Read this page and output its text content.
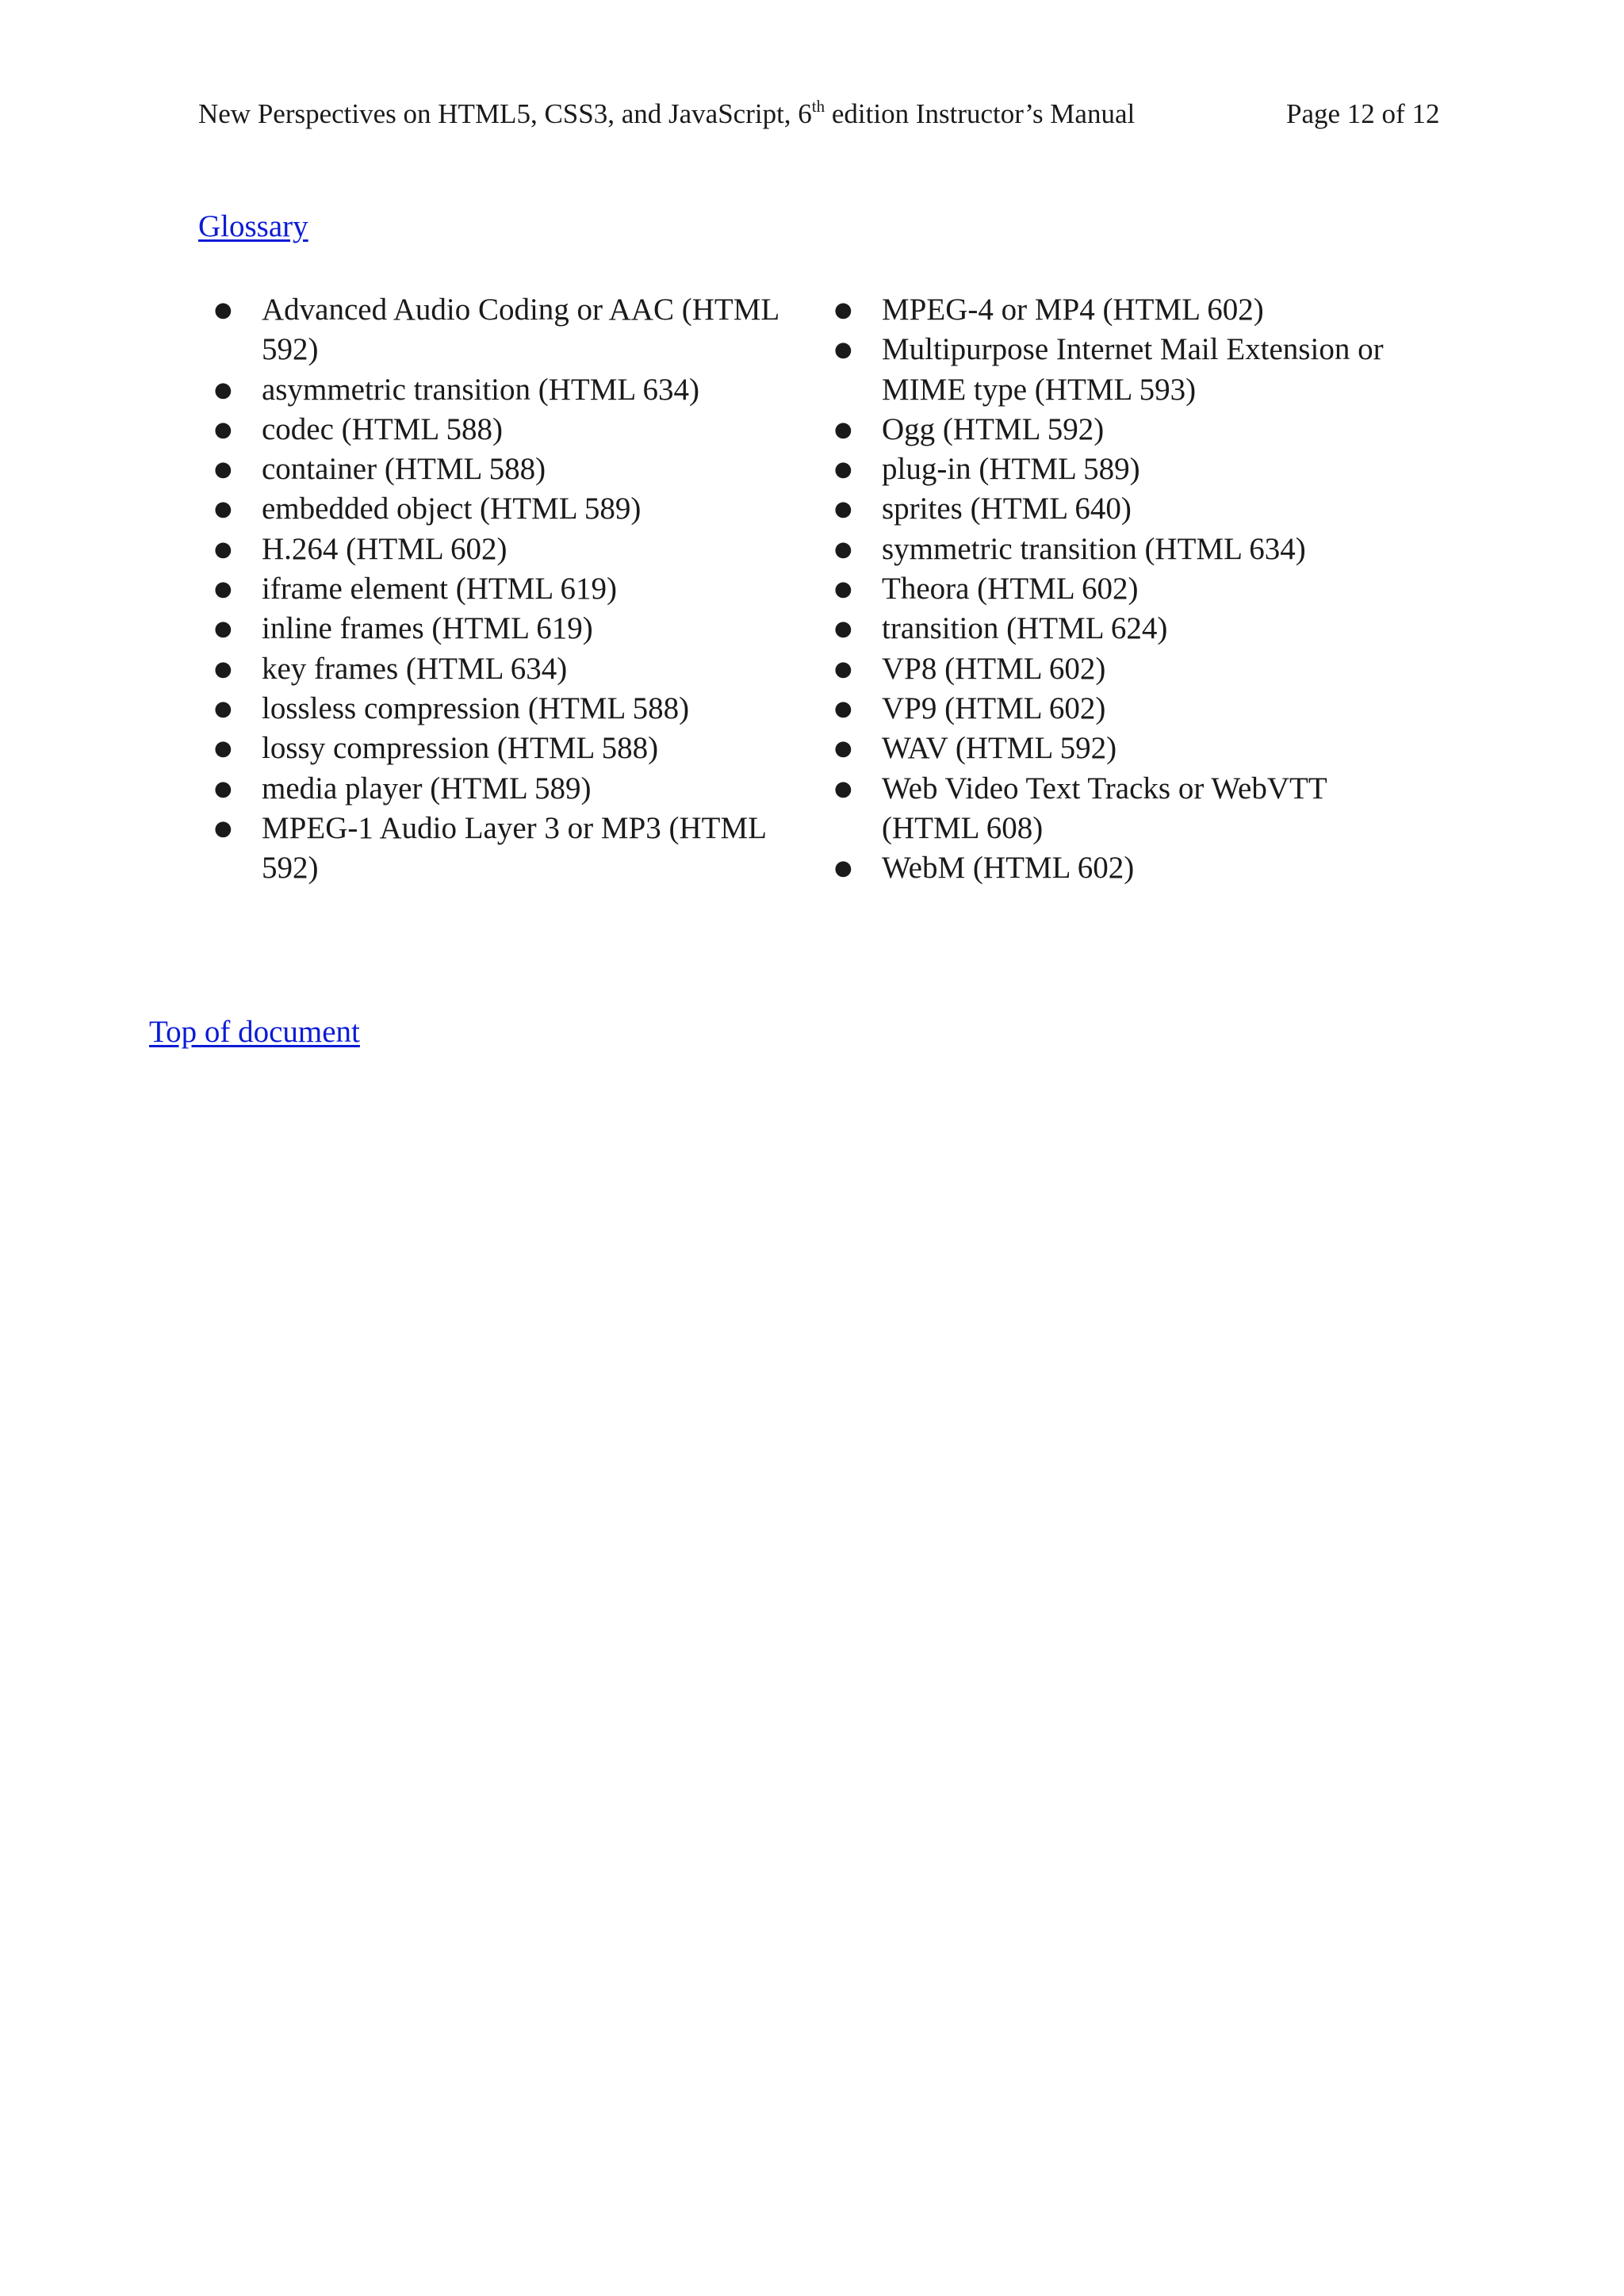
New Perspectives on HTML5, CSS3, and JavaScript, 6th edition Instructor’s Manual	Page 12 of 12
Glossary
● Advanced Audio Coding or AAC (HTML 592)
● asymmetric transition (HTML 634)
● codec (HTML 588)
● container (HTML 588)
● embedded object (HTML 589)
● H.264 (HTML 602)
● iframe element (HTML 619)
● inline frames (HTML 619)
● key frames (HTML 634)
● lossless compression (HTML 588)
● lossy compression (HTML 588)
● media player (HTML 589)
● MPEG-1 Audio Layer 3 or MP3 (HTML 592)
● MPEG-4 or MP4 (HTML 602)
● Multipurpose Internet Mail Extension or MIME type (HTML 593)
● Ogg (HTML 592)
● plug-in (HTML 589)
● sprites (HTML 640)
● symmetric transition (HTML 634)
● Theora (HTML 602)
● transition (HTML 624)
● VP8 (HTML 602)
● VP9 (HTML 602)
● WAV (HTML 592)
● Web Video Text Tracks or WebVTT (HTML 608)
● WebM (HTML 602)
Top of document
